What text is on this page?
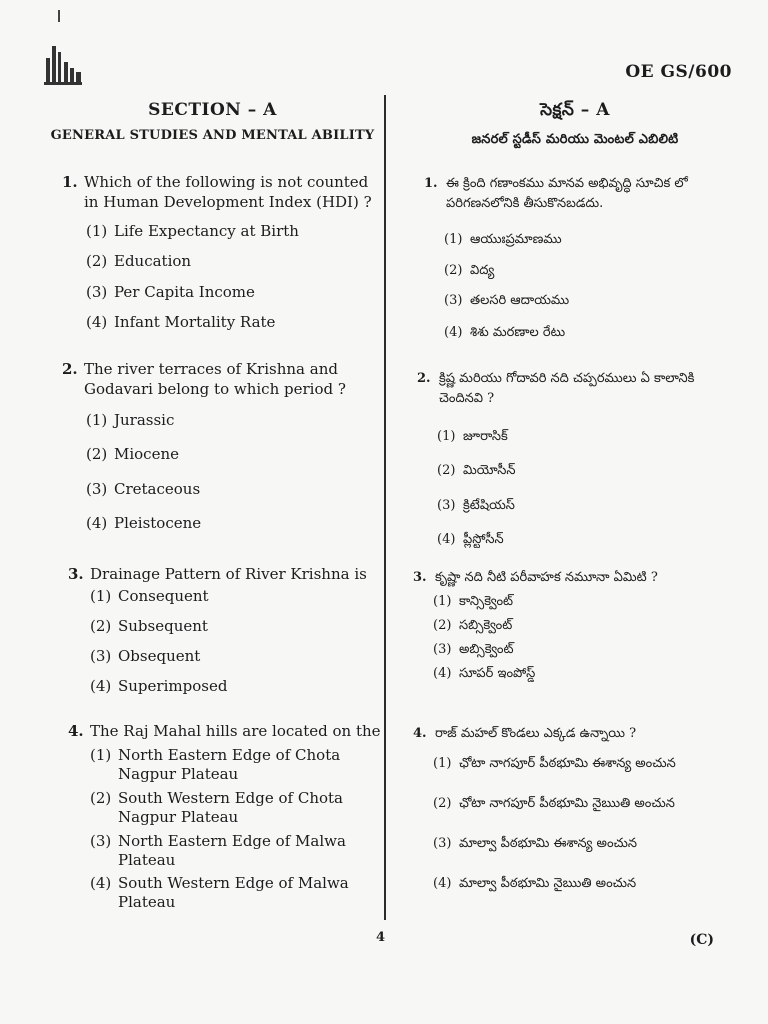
OE GS/600
SECTION – A
GENERAL STUDIES AND MENTAL ABILITY
సెక్షన్ – A
జనరల్ స్టడీస్ మరియు మెంటల్ ఎబిలిటి
1. Which of the following is not counted in Human Development Index (HDI) ?
(1) Life Expectancy at Birth
(2) Education
(3) Per Capita Income
(4) Infant Mortality Rate
2. The river terraces of Krishna and Godavari belong to which period ?
(1) Jurassic
(2) Miocene
(3) Cretaceous
(4) Pleistocene
3. Drainage Pattern of River Krishna is
(1) Consequent
(2) Subsequent
(3) Obsequent
(4) Superimposed
4. The Raj Mahal hills are located on the
(1) North Eastern Edge of Chota Nagpur Plateau
(2) South Western Edge of Chota Nagpur Plateau
(3) North Eastern Edge of Malwa Plateau
(4) South Western Edge of Malwa Plateau
1. ఈ క్రింది గణాంకము మానవ అభివృద్ధి సూచిక లో పరిగణనలోనికి తీసుకొనబడదు.
(1) ఆయుఃప్రమాణము
(2) విద్య
(3) తలసరి ఆదాయము
(4) శిశు మరణాల రేటు
2. క్రిష్ణ మరియు గోదావరి నది చప్పరములు ఏ కాలానికి చెందినవి ?
(1) జూరాసిక్
(2) మియోసీన్
(3) క్రిటేషియస్
(4) ప్లీస్టోసీన్
3. కృష్ణా నది నీటి పరీవాహక నమూనా ఏమిటి ?
(1) కాన్సిక్వెంట్
(2) సబ్సిక్వెంట్
(3) అబ్సిక్వెంట్
(4) సూపర్ ఇంపోస్డ్
4. రాజ్ మహల్ కొండలు ఎక్కడ ఉన్నాయి ?
(1) ఛోటా నాగపూర్ పీఠభూమి ఈశాన్య అంచున
(2) ఛోటా నాగపూర్ పీఠభూమి నైఋతి అంచున
(3) మాల్వా పీఠభూమి ఈశాన్య అంచున
(4) మాల్వా పీఠభూమి నైఋతి అంచున
4	(C)
